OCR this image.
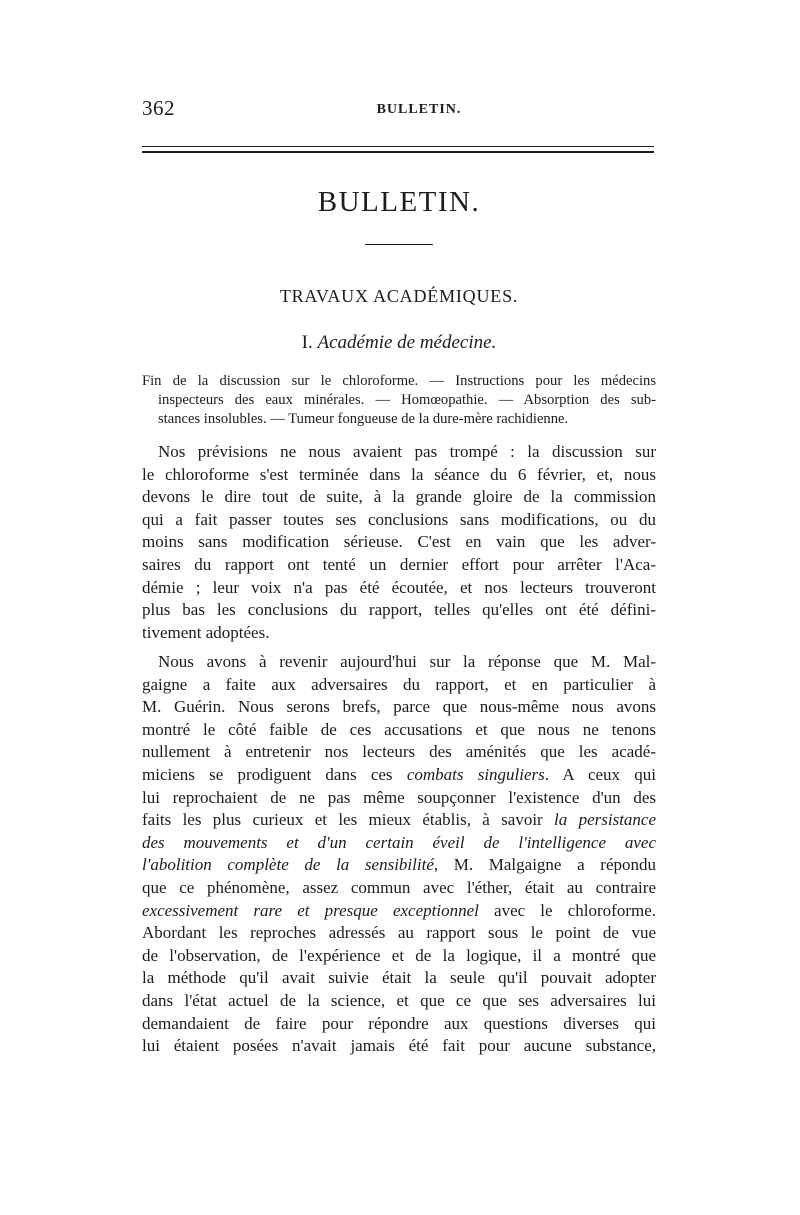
362	BULLETIN.
BULLETIN.
TRAVAUX ACADÉMIQUES.
I. Académie de médecine.
Fin de la discussion sur le chloroforme. — Instructions pour les médecins
inspecteurs des eaux minérales. — Homœopathie. — Absorption des sub-
stances insolubles. — Tumeur fongueuse de la dure-mère rachidienne.
Nos prévisions ne nous avaient pas trompé : la discussion sur
le chloroforme s'est terminée dans la séance du 6 février, et, nous
devons le dire tout de suite, à la grande gloire de la commission
qui a fait passer toutes ses conclusions sans modifications, ou du
moins sans modification sérieuse. C'est en vain que les adver-
saires du rapport ont tenté un dernier effort pour arrêter l'Aca-
démie ; leur voix n'a pas été écoutée, et nos lecteurs trouveront
plus bas les conclusions du rapport, telles qu'elles ont été défini-
tivement adoptées.
Nous avons à revenir aujourd'hui sur la réponse que M. Mal-
gaigne a faite aux adversaires du rapport, et en particulier à
M. Guérin. Nous serons brefs, parce que nous-même nous avons
montré le côté faible de ces accusations et que nous ne tenons
nullement à entretenir nos lecteurs des aménités que les acadé-
miciens se prodiguent dans ces combats singuliers. A ceux qui
lui reprochaient de ne pas même soupçonner l'existence d'un des
faits les plus curieux et les mieux établis, à savoir la persistance
des mouvements et d'un certain éveil de l'intelligence avec
l'abolition complète de la sensibilité, M. Malgaigne a répondu
que ce phénomène, assez commun avec l'éther, était au contraire
excessivement rare et presque exceptionnel avec le chloroforme.
Abordant les reproches adressés au rapport sous le point de vue
de l'observation, de l'expérience et de la logique, il a montré que
la méthode qu'il avait suivie était la seule qu'il pouvait adopter
dans l'état actuel de la science, et que ce que ses adversaires lui
demandaient de faire pour répondre aux questions diverses qui
lui étaient posées n'avait jamais été fait pour aucune substance,
